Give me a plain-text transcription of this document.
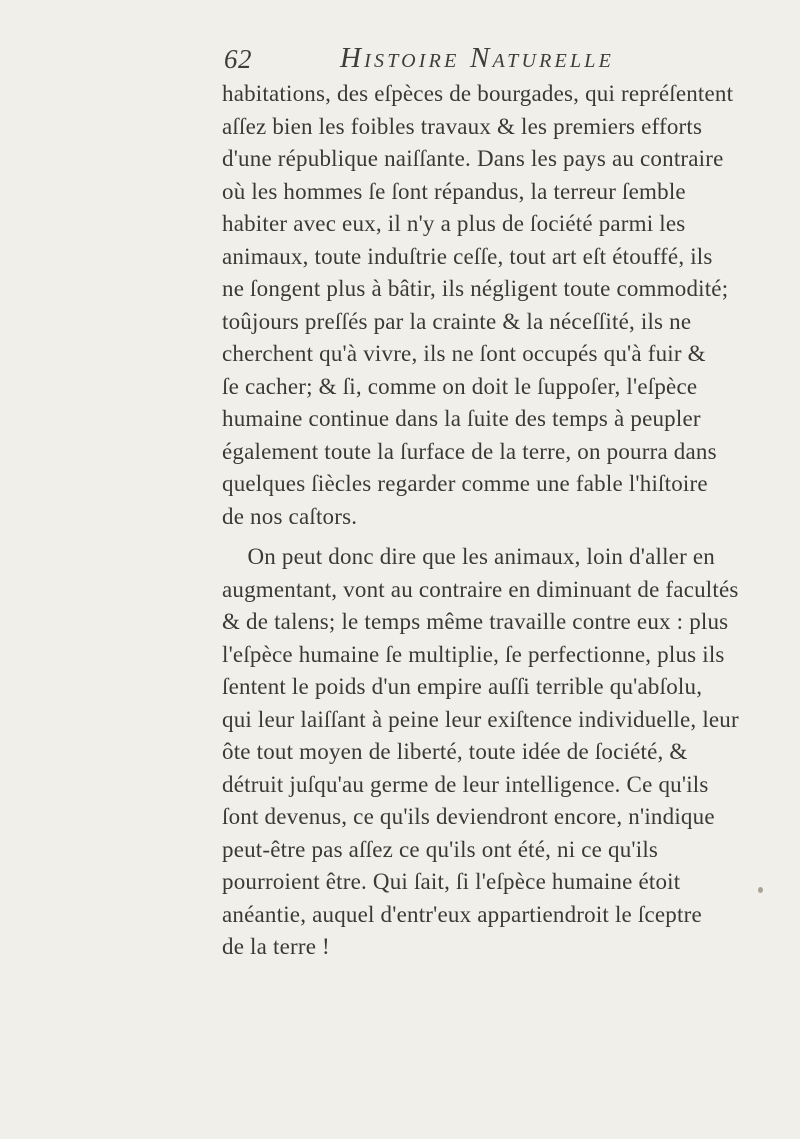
62	Histoire Naturelle
habitations, des eſpèces de bourgades, qui repréſentent
aſſez bien les foibles travaux & les premiers efforts
d'une république naiſſante. Dans les pays au contraire
où les hommes ſe ſont répandus, la terreur ſemble
habiter avec eux, il n'y a plus de ſociété parmi les
animaux, toute induſtrie ceſſe, tout art eſt étouffé, ils
ne ſongent plus à bâtir, ils négligent toute commodité;
toûjours preſſés par la crainte & la néceſſité, ils ne
cherchent qu'à vivre, ils ne ſont occupés qu'à fuir &
ſe cacher; & ſi, comme on doit le ſuppoſer, l'eſpèce
humaine continue dans la ſuite des temps à peupler
également toute la ſurface de la terre, on pourra dans
quelques ſiècles regarder comme une fable l'hiſtoire
de nos caſtors.
On peut donc dire que les animaux, loin d'aller en
augmentant, vont au contraire en diminuant de facultés
& de talens; le temps même travaille contre eux : plus
l'eſpèce humaine ſe multiplie, ſe perfectionne, plus ils
ſentent le poids d'un empire auſſi terrible qu'abſolu,
qui leur laiſſant à peine leur exiſtence individuelle, leur
ôte tout moyen de liberté, toute idée de ſociété, &
détruit juſqu'au germe de leur intelligence. Ce qu'ils
ſont devenus, ce qu'ils deviendront encore, n'indique
peut-être pas aſſez ce qu'ils ont été, ni ce qu'ils
pourroient être. Qui ſait, ſi l'eſpèce humaine étoit
anéantie, auquel d'entr'eux appartiendroit le ſceptre
de la terre !
